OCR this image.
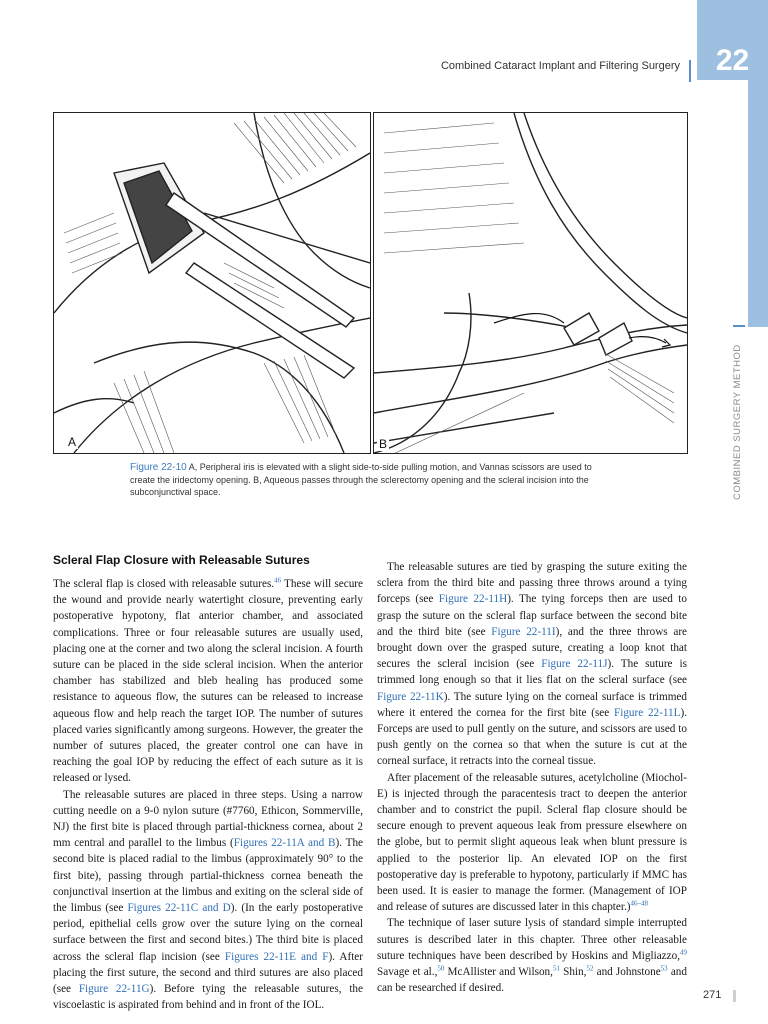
Combined Cataract Implant and Filtering Surgery	22
COMBINED SURGERY METHOD
A	B
Figure 22-10 A, Peripheral iris is elevated with a slight side-to-side pulling motion, and Vannas scissors are used to create the iridectomy opening. B, Aqueous passes through the sclerectomy opening and the scleral incision into the subconjunctival space.
Scleral Flap Closure with Releasable Sutures

The scleral flap is closed with releasable sutures.$^{46}$ These will secure the wound and provide nearly watertight closure, preventing early postoperative hypotony, flat anterior chamber, and associated complications. Three or four releasable sutures are usually used, placing one at the corner and two along the scleral incision. A fourth suture can be placed in the side scleral incision. When the anterior chamber has stabilized and bleb healing has produced some resistance to aqueous flow, the sutures can be released to increase aqueous flow and help reach the target IOP. The number of sutures placed varies significantly among surgeons. However, the greater the number of sutures placed, the greater control one can have in reaching the goal IOP by reducing the effect of each suture as it is released or lysed.

The releasable sutures are placed in three steps. Using a narrow cutting needle on a 9-0 nylon suture (#7760, Ethicon, Sommerville, NJ) the first bite is placed through partial-thickness cornea, about 2 mm central and parallel to the limbus (Figures 22-11A and B). The second bite is placed radial to the limbus (approximately 90° to the first bite), passing through partial-thickness cornea beneath the conjunctival insertion at the limbus and exiting on the scleral side of the limbus (see Figures 22-11C and D). (In the early postoperative period, epithelial cells grow over the suture lying on the corneal surface between the first and second bites.) The third bite is placed across the scleral flap incision (see Figures 22-11E and F). After placing the first suture, the second and third sutures are also placed (see Figure 22-11G). Before tying the releasable sutures, the viscoelastic is aspirated from behind and in front of the IOL.

The releasable sutures are tied by grasping the suture exiting the sclera from the third bite and passing three throws around a tying forceps (see Figure 22-11H). The tying forceps then are used to grasp the suture on the scleral flap surface between the second bite and the third bite (see Figure 22-11I), and the three throws are brought down over the grasped suture, creating a loop knot that secures the scleral incision (see Figure 22-11J). The suture is trimmed long enough so that it lies flat on the scleral surface (see Figure 22-11K). The suture lying on the corneal surface is trimmed where it entered the cornea for the first bite (see Figure 22-11L). Forceps are used to pull gently on the suture, and scissors are used to push gently on the cornea so that when the suture is cut at the corneal surface, it retracts into the corneal tissue.

After placement of the releasable sutures, acetylcholine (Miochol-E) is injected through the paracentesis tract to deepen the anterior chamber and to constrict the pupil. Scleral flap closure should be secure enough to prevent aqueous leak from pressure elsewhere on the globe, but to permit slight aqueous leak when blunt pressure is applied to the posterior lip. An elevated IOP on the first postoperative day is preferable to hypotony, particularly if MMC has been used. It is easier to manage the former. (Management of IOP and release of sutures are discussed later in this chapter.)$^{46-48}$

The technique of laser suture lysis of standard simple interrupted sutures is described later in this chapter. Three other releasable suture techniques have been described by Hoskins and Migliazzo,$^{49}$ Savage et al.,$^{50}$ McAllister and Wilson,$^{51}$ Shin,$^{52}$ and Johnstone$^{53}$ and can be researched if desired.

271
